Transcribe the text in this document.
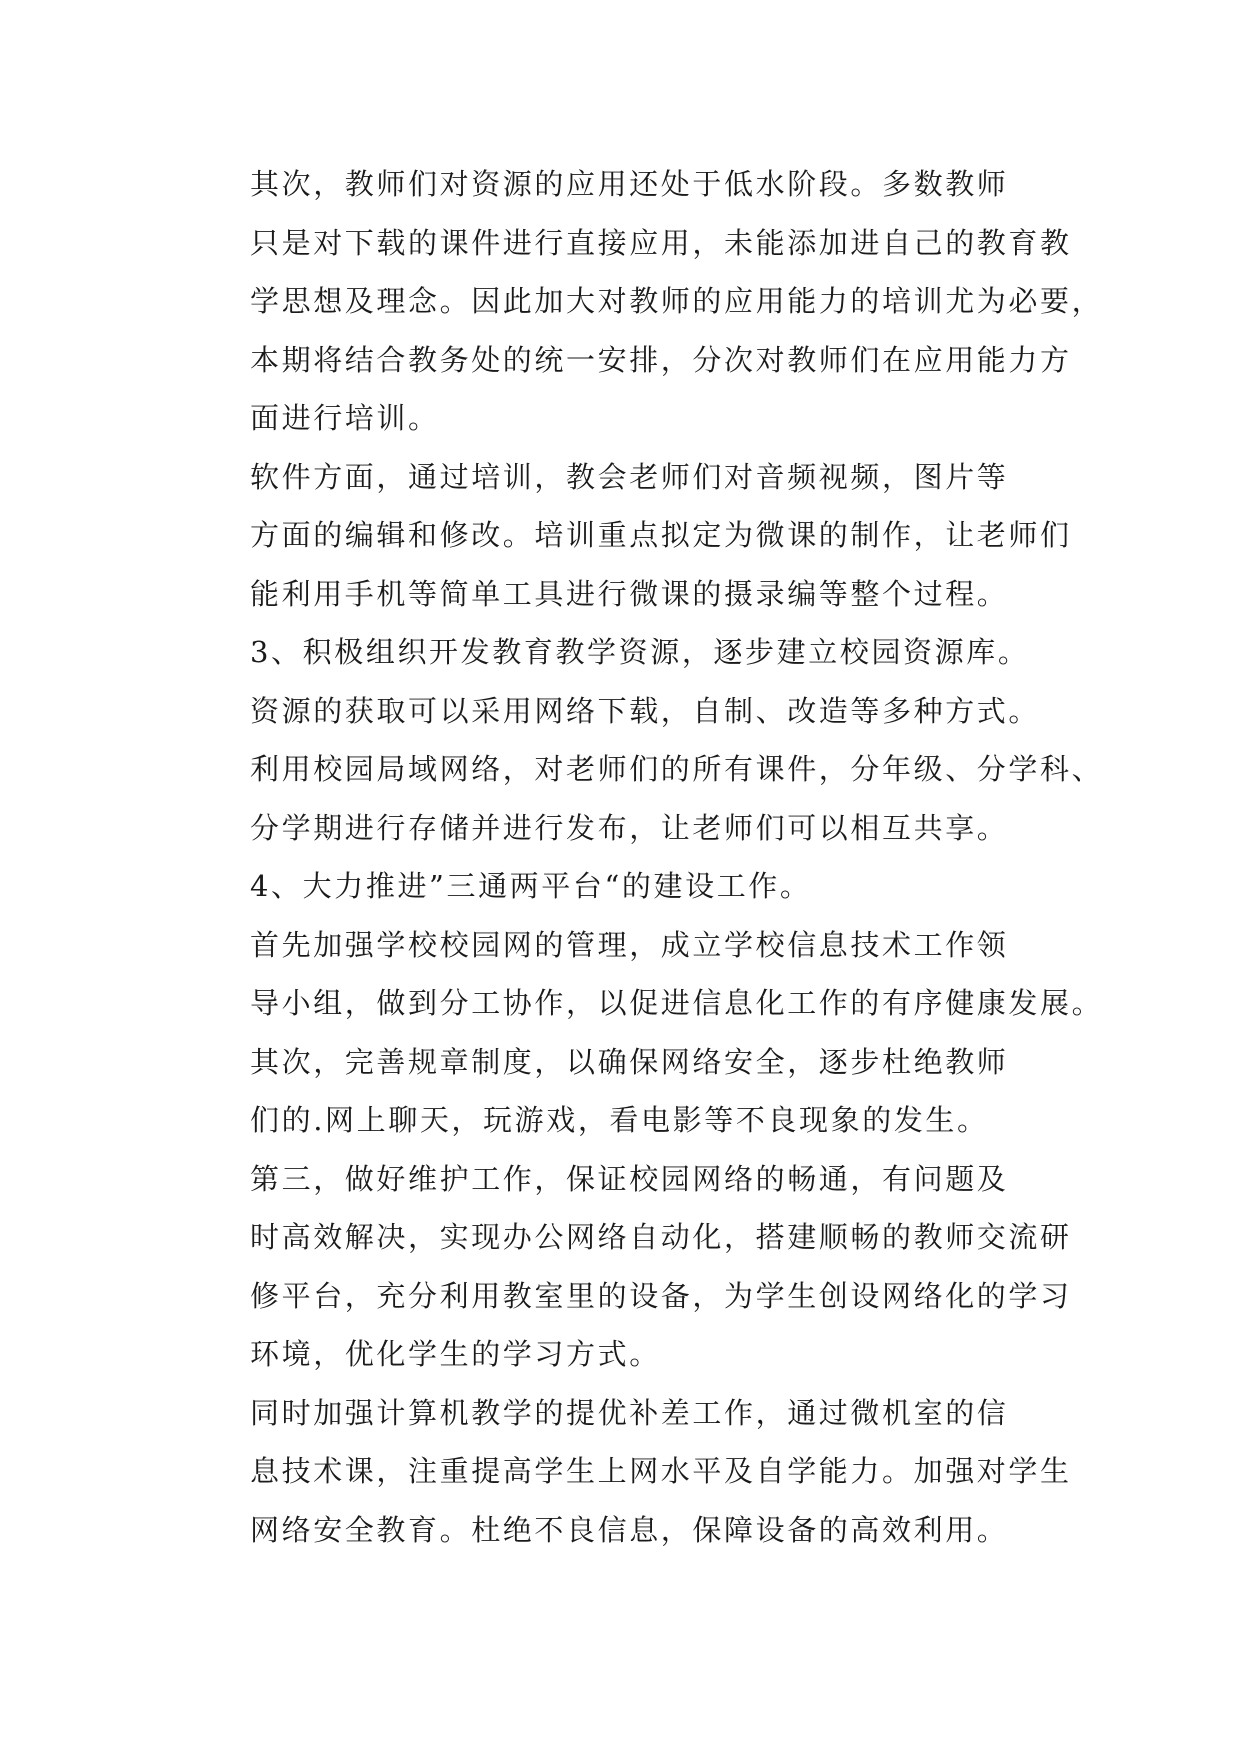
其次，教师们对资源的应用还处于低水阶段。多数教师
只是对下载的课件进行直接应用，未能添加进自己的教育教
学思想及理念。因此加大对教师的应用能力的培训尤为必要，
本期将结合教务处的统一安排，分次对教师们在应用能力方
面进行培训。

软件方面，通过培训，教会老师们对音频视频，图片等
方面的编辑和修改。培训重点拟定为微课的制作，让老师们
能利用手机等简单工具进行微课的摄录编等整个过程。

3、积极组织开发教育教学资源，逐步建立校园资源库。

资源的获取可以采用网络下载，自制、改造等多种方式。
利用校园局域网络，对老师们的所有课件，分年级、分学科、
分学期进行存储并进行发布，让老师们可以相互共享。

4、大力推进”三通两平台“的建设工作。

首先加强学校校园网的管理，成立学校信息技术工作领
导小组，做到分工协作，以促进信息化工作的有序健康发展。

其次，完善规章制度，以确保网络安全，逐步杜绝教师
们的.网上聊天，玩游戏，看电影等不良现象的发生。

第三，做好维护工作，保证校园网络的畅通，有问题及
时高效解决，实现办公网络自动化，搭建顺畅的教师交流研
修平台，充分利用教室里的设备，为学生创设网络化的学习
环境，优化学生的学习方式。

同时加强计算机教学的提优补差工作，通过微机室的信
息技术课，注重提高学生上网水平及自学能力。加强对学生
网络安全教育。杜绝不良信息，保障设备的高效利用。
